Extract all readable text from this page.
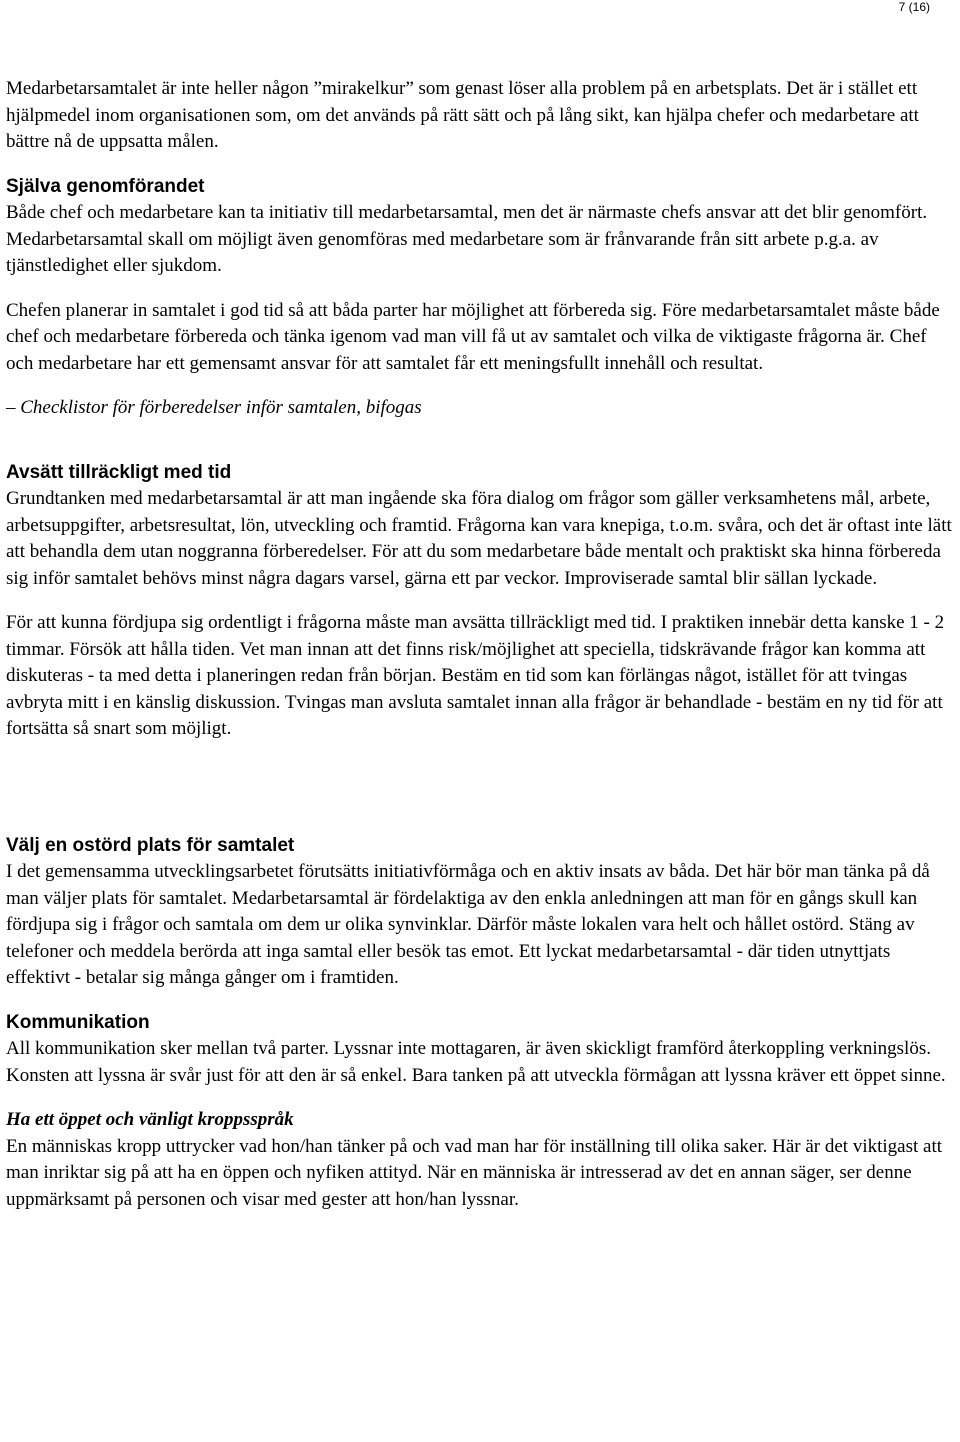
7 (16)

Medarbetarsamtalet är inte heller någon ”mirakelkur” som genast löser alla problem på en arbetsplats. Det är i stället ett hjälpmedel inom organisationen som, om det används på rätt sätt och på lång sikt, kan hjälpa chefer och medarbetare att bättre nå de uppsatta målen.

Själva genomförandet

Både chef och medarbetare kan ta initiativ till medarbetarsamtal, men det är närmaste chefs ansvar att det blir genomfört. Medarbetarsamtal skall om möjligt även genomföras med medarbetare som är frånvarande från sitt arbete p.g.a. av tjänstledighet eller sjukdom.

Chefen planerar in samtalet i god tid så att båda parter har möjlighet att förbereda sig. Före medarbetarsamtalet måste både chef och medarbetare förbereda och tänka igenom vad man vill få ut av samtalet och vilka de viktigaste frågorna är. Chef och medarbetare har ett gemensamt ansvar för att samtalet får ett meningsfullt innehåll och resultat.

– Checklistor för förberedelser inför samtalen, bifogas

Avsätt tillräckligt med tid

Grundtanken med medarbetarsamtal är att man ingående ska föra dialog om frågor som gäller verksamhetens mål, arbete, arbetsuppgifter, arbetsresultat, lön, utveckling och framtid. Frågorna kan vara knepiga, t.o.m. svåra, och det är oftast inte lätt att behandla dem utan noggranna förberedelser. För att du som medarbetare både mentalt och praktiskt ska hinna förbereda sig inför samtalet behövs minst några dagars varsel, gärna ett par veckor. Improviserade samtal blir sällan lyckade.

För att kunna fördjupa sig ordentligt i frågorna måste man avsätta tillräckligt med tid. I praktiken innebär detta kanske 1 - 2 timmar. Försök att hålla tiden. Vet man innan att det finns risk/möjlighet att speciella, tidskrävande frågor kan komma att diskuteras - ta med detta i planeringen redan från början. Bestäm en tid som kan förlängas något, istället för att tvingas avbryta mitt i en känslig diskussion. Tvingas man avsluta samtalet innan alla frågor är behandlade - bestäm en ny tid för att fortsätta så snart som möjligt.

Välj en ostörd plats för samtalet

I det gemensamma utvecklingsarbetet förutsätts initiativförmåga och en aktiv insats av båda. Det här bör man tänka på då man väljer plats för samtalet. Medarbetarsamtal är fördelaktiga av den enkla anledningen att man för en gångs skull kan fördjupa sig i frågor och samtala om dem ur olika synvinklar. Därför måste lokalen vara helt och hållet ostörd. Stäng av telefoner och meddela berörda att inga samtal eller besök tas emot. Ett lyckat medarbetarsamtal - där tiden utnyttjats effektivt - betalar sig många gånger om i framtiden.

Kommunikation

All kommunikation sker mellan två parter. Lyssnar inte mottagaren, är även skickligt framförd återkoppling verkningslös. Konsten att lyssna är svår just för att den är så enkel. Bara tanken på att utveckla förmågan att lyssna kräver ett öppet sinne.

Ha ett öppet och vänligt kroppsspråk

En människas kropp uttrycker vad hon/han tänker på och vad man har för inställning till olika saker. Här är det viktigast att man inriktar sig på att ha en öppen och nyfiken attityd. När en människa är intresserad av det en annan säger, ser denne uppmärksamt på personen och visar med gester att hon/han lyssnar.
